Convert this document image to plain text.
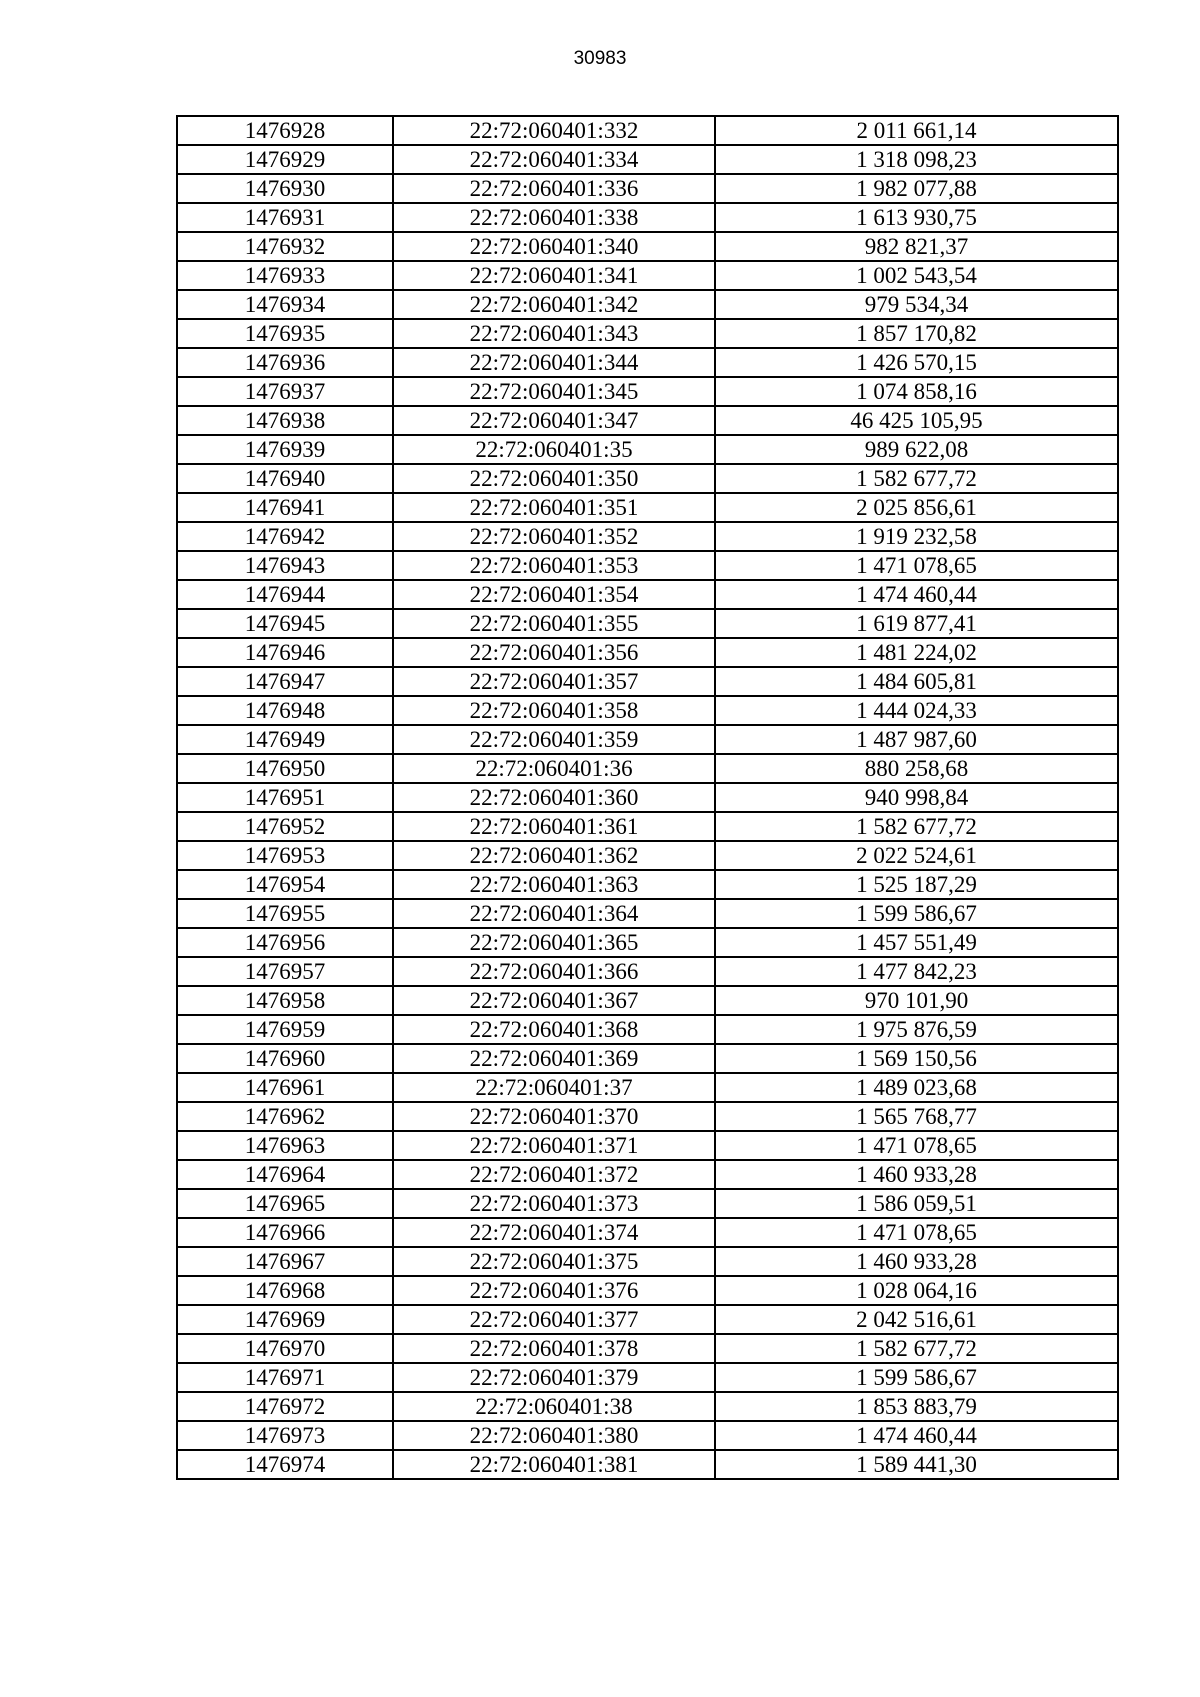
30983
1476928	22:72:060401:332	2 011 661,14
1476929	22:72:060401:334	1 318 098,23
1476930	22:72:060401:336	1 982 077,88
1476931	22:72:060401:338	1 613 930,75
1476932	22:72:060401:340	982 821,37
1476933	22:72:060401:341	1 002 543,54
1476934	22:72:060401:342	979 534,34
1476935	22:72:060401:343	1 857 170,82
1476936	22:72:060401:344	1 426 570,15
1476937	22:72:060401:345	1 074 858,16
1476938	22:72:060401:347	46 425 105,95
1476939	22:72:060401:35	989 622,08
1476940	22:72:060401:350	1 582 677,72
1476941	22:72:060401:351	2 025 856,61
1476942	22:72:060401:352	1 919 232,58
1476943	22:72:060401:353	1 471 078,65
1476944	22:72:060401:354	1 474 460,44
1476945	22:72:060401:355	1 619 877,41
1476946	22:72:060401:356	1 481 224,02
1476947	22:72:060401:357	1 484 605,81
1476948	22:72:060401:358	1 444 024,33
1476949	22:72:060401:359	1 487 987,60
1476950	22:72:060401:36	880 258,68
1476951	22:72:060401:360	940 998,84
1476952	22:72:060401:361	1 582 677,72
1476953	22:72:060401:362	2 022 524,61
1476954	22:72:060401:363	1 525 187,29
1476955	22:72:060401:364	1 599 586,67
1476956	22:72:060401:365	1 457 551,49
1476957	22:72:060401:366	1 477 842,23
1476958	22:72:060401:367	970 101,90
1476959	22:72:060401:368	1 975 876,59
1476960	22:72:060401:369	1 569 150,56
1476961	22:72:060401:37	1 489 023,68
1476962	22:72:060401:370	1 565 768,77
1476963	22:72:060401:371	1 471 078,65
1476964	22:72:060401:372	1 460 933,28
1476965	22:72:060401:373	1 586 059,51
1476966	22:72:060401:374	1 471 078,65
1476967	22:72:060401:375	1 460 933,28
1476968	22:72:060401:376	1 028 064,16
1476969	22:72:060401:377	2 042 516,61
1476970	22:72:060401:378	1 582 677,72
1476971	22:72:060401:379	1 599 586,67
1476972	22:72:060401:38	1 853 883,79
1476973	22:72:060401:380	1 474 460,44
1476974	22:72:060401:381	1 589 441,30
